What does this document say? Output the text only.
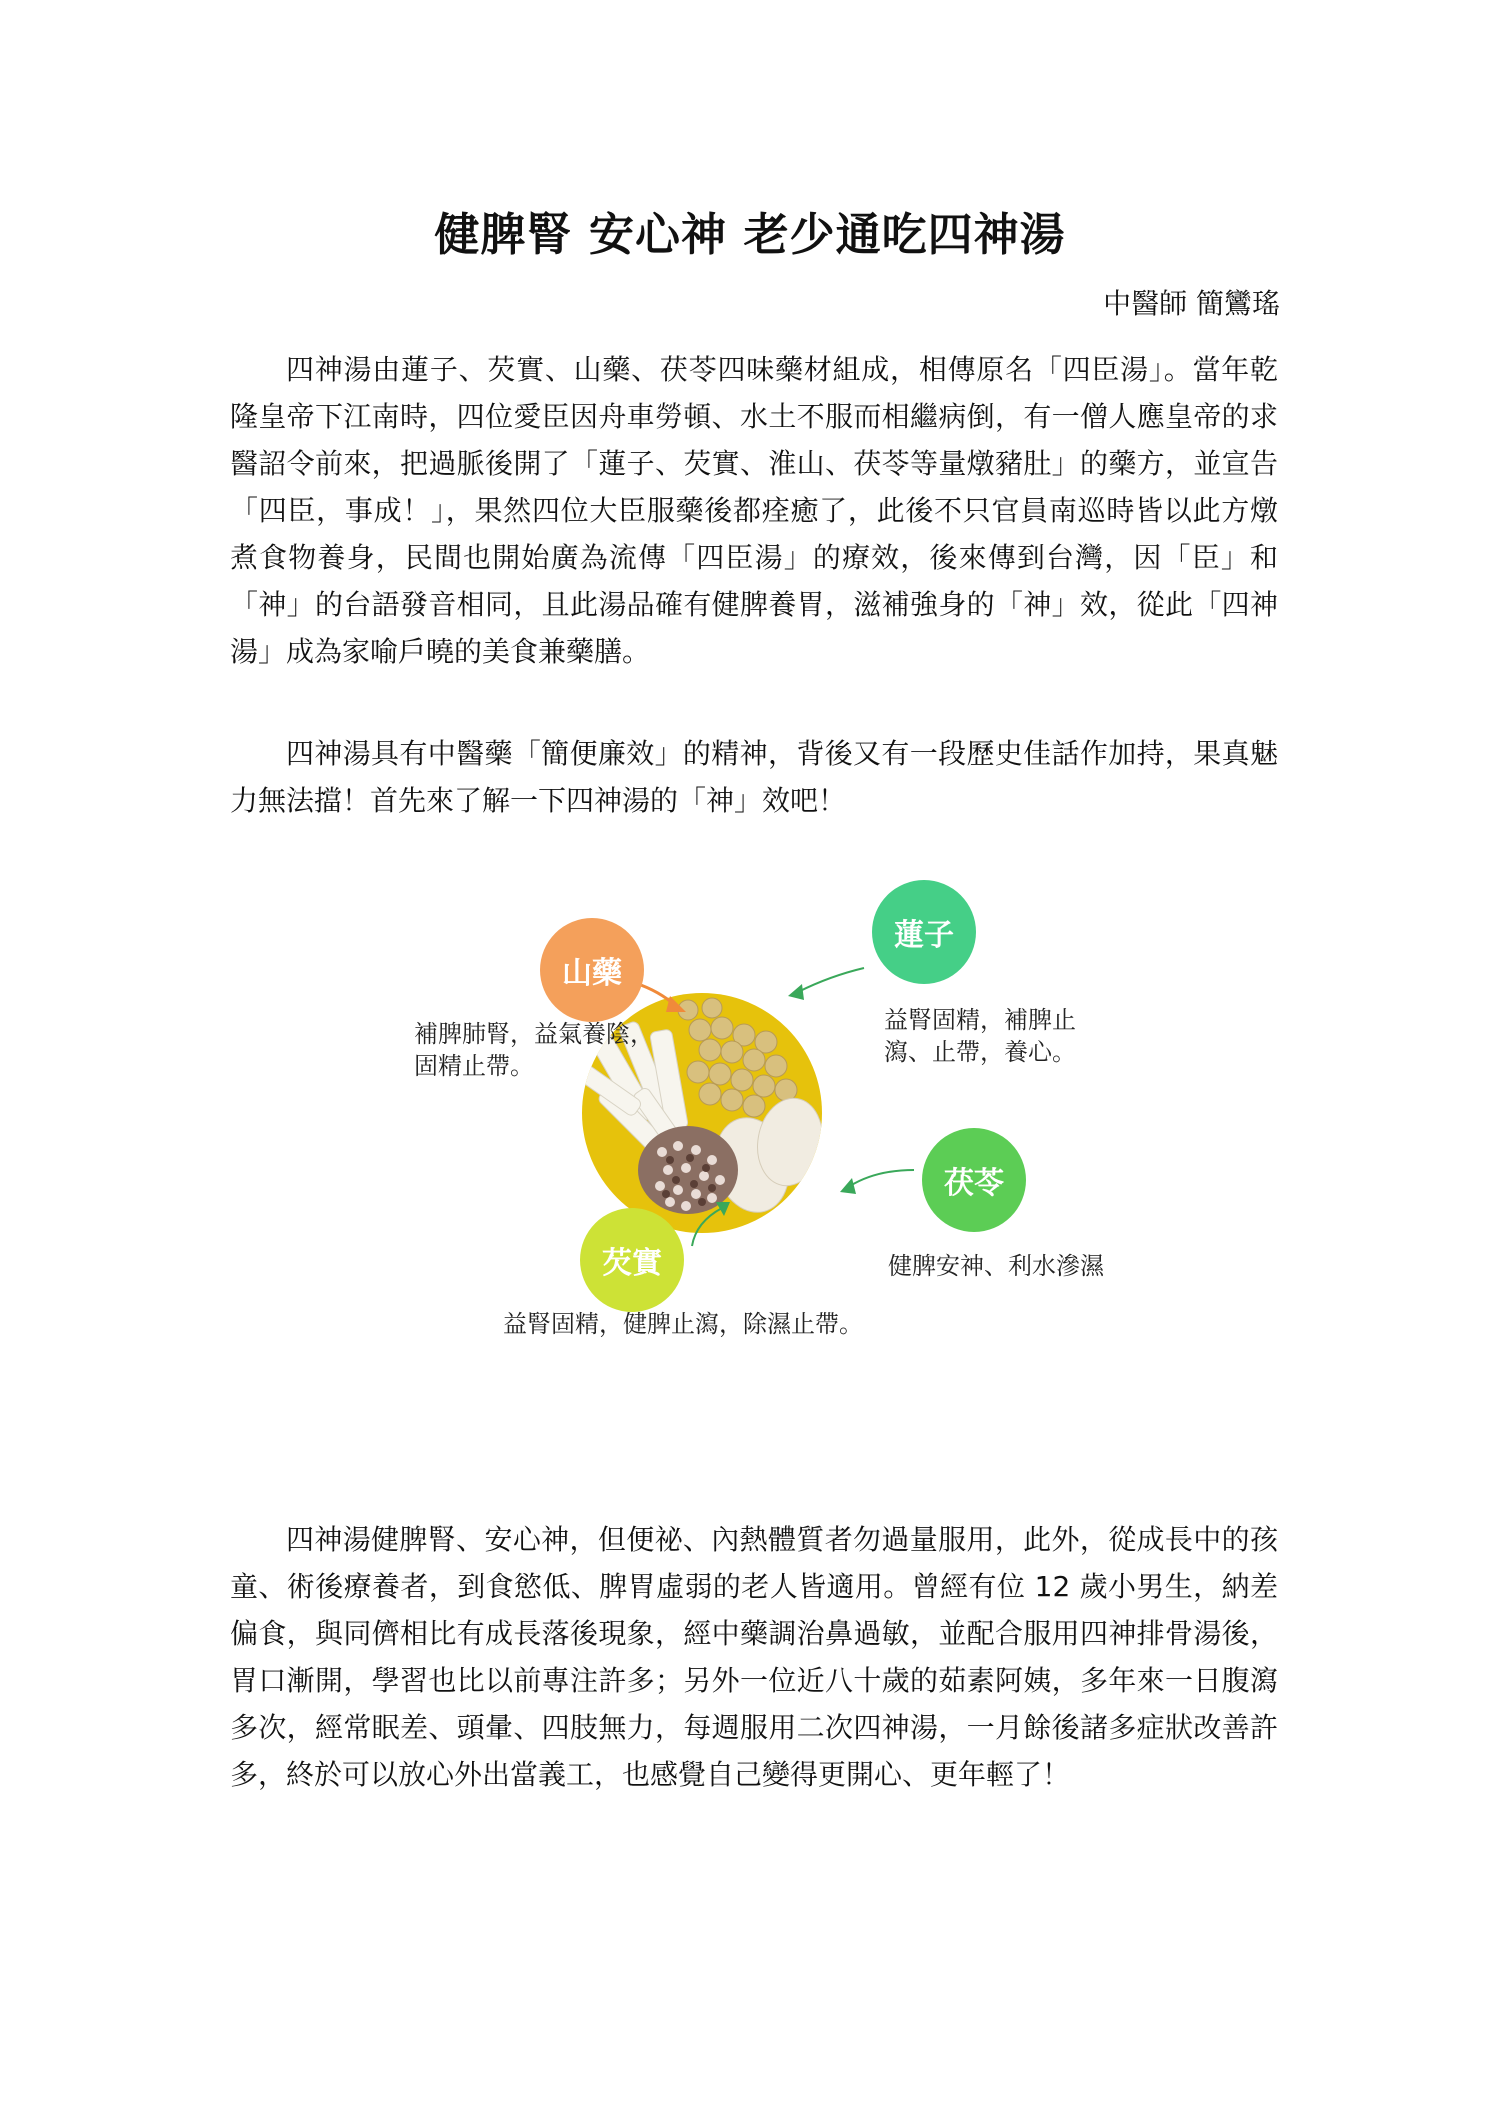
健脾腎 安心神 老少通吃四神湯

中醫師 簡鸞瑤

四神湯由蓮子、芡實、山藥、茯苓四味藥材組成，相傳原名「四臣湯」。當年乾隆皇帝下江南時，四位愛臣因舟車勞頓、水土不服而相繼病倒，有一僧人應皇帝的求醫詔令前來，把過脈後開了「蓮子、芡實、淮山、茯苓等量燉豬肚」的藥方，並宣告「四臣，事成！」，果然四位大臣服藥後都痊癒了，此後不只官員南巡時皆以此方燉煮食物養身，民間也開始廣為流傳「四臣湯」的療效，後來傳到台灣，因「臣」和「神」的台語發音相同，且此湯品確有健脾養胃，滋補強身的「神」效，從此「四神湯」成為家喻戶曉的美食兼藥膳。

四神湯具有中醫藥「簡便廉效」的精神，背後又有一段歷史佳話作加持，果真魅力無法擋！首先來了解一下四神湯的「神」效吧！

山藥
蓮子
茯苓
芡實

補脾肺腎，益氣養陰，固精止帶。

益腎固精，補脾止瀉、止帶，養心。

健脾安神、利水滲濕

益腎固精，健脾止瀉，除濕止帶。

四神湯健脾腎、安心神，但便祕、內熱體質者勿過量服用，此外，從成長中的孩童、術後療養者，到食慾低、脾胃虛弱的老人皆適用。曾經有位 12 歲小男生，納差偏食，與同儕相比有成長落後現象，經中藥調治鼻過敏，並配合服用四神排骨湯後，胃口漸開，學習也比以前專注許多；另外一位近八十歲的茹素阿姨，多年來一日腹瀉多次，經常眠差、頭暈、四肢無力，每週服用二次四神湯，一月餘後諸多症狀改善許多，終於可以放心外出當義工，也感覺自己變得更開心、更年輕了！
